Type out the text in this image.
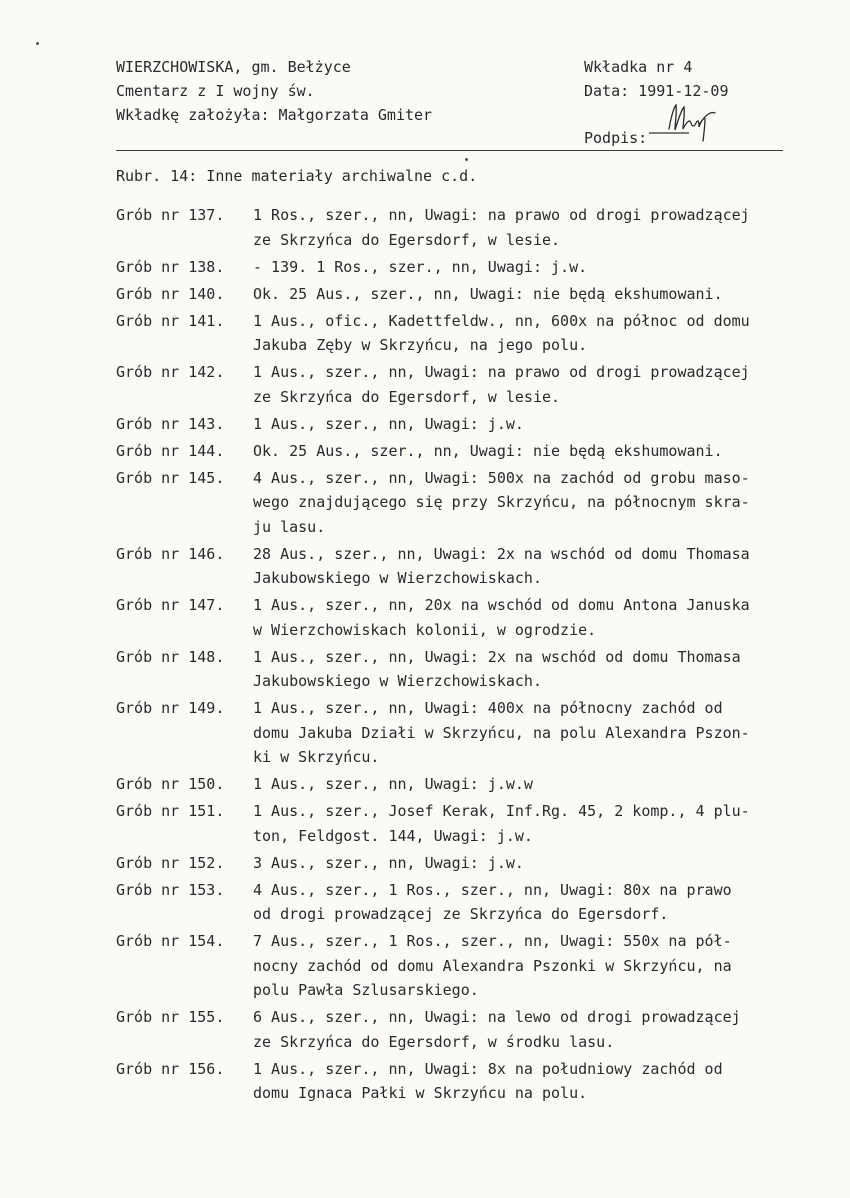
WIERZCHOWISKA, gm. Bełżyce
Cmentarz z I wojny św.
Wkładkę założyła: Małgorzata Gmiter
Wkładka nr 4
Data: 1991-12-09
Podpis:
Rubr. 14: Inne materiały archiwalne c.d.
Grób nr 137.	1 Ros., szer., nn, Uwagi: na prawo od drogi prowadzącej
ze Skrzyńca do Egersdorf, w lesie.
Grób nr 138.	- 139. 1 Ros., szer., nn, Uwagi: j.w.
Grób nr 140.	Ok. 25 Aus., szer., nn, Uwagi: nie będą ekshumowani.
Grób nr 141.	1 Aus., ofic., Kadettfeldw., nn, 600x na północ od domu
Jakuba Zęby w Skrzyńcu, na jego polu.
Grób nr 142.	1 Aus., szer., nn, Uwagi: na prawo od drogi prowadzącej
ze Skrzyńca do Egersdorf, w lesie.
Grób nr 143.	1 Aus., szer., nn, Uwagi: j.w.
Grób nr 144.	Ok. 25 Aus., szer., nn, Uwagi: nie będą ekshumowani.
Grób nr 145.	4 Aus., szer., nn, Uwagi: 500x na zachód od grobu maso-
wego znajdującego się przy Skrzyńcu, na północnym skra-
ju lasu.
Grób nr 146.	28 Aus., szer., nn, Uwagi: 2x na wschód od domu Thomasa
Jakubowskiego w Wierzchowiskach.
Grób nr 147.	1 Aus., szer., nn, 20x na wschód od domu Antona Januska
w Wierzchowiskach kolonii, w ogrodzie.
Grób nr 148.	1 Aus., szer., nn, Uwagi: 2x na wschód od domu Thomasa
Jakubowskiego w Wierzchowiskach.
Grób nr 149.	1 Aus., szer., nn, Uwagi: 400x na północny zachód od
domu Jakuba Działi w Skrzyńcu, na polu Alexandra Pszon-
ki w Skrzyńcu.
Grób nr 150.	1 Aus., szer., nn, Uwagi: j.w.w
Grób nr 151.	1 Aus., szer., Josef Kerak, Inf.Rg. 45, 2 komp., 4 plu-
ton, Feldgost. 144, Uwagi: j.w.
Grób nr 152.	3 Aus., szer., nn, Uwagi: j.w.
Grób nr 153.	4 Aus., szer., 1 Ros., szer., nn, Uwagi: 80x na prawo
od drogi prowadzącej ze Skrzyńca do Egersdorf.
Grób nr 154.	7 Aus., szer., 1 Ros., szer., nn, Uwagi: 550x na pół-
nocny zachód od domu Alexandra Pszonki w Skrzyńcu, na
polu Pawła Szlusarskiego.
Grób nr 155.	6 Aus., szer., nn, Uwagi: na lewo od drogi prowadzącej
ze Skrzyńca do Egersdorf, w środku lasu.
Grób nr 156.	1 Aus., szer., nn, Uwagi: 8x na południowy zachód od
domu Ignaca Pałki w Skrzyńcu na polu.
